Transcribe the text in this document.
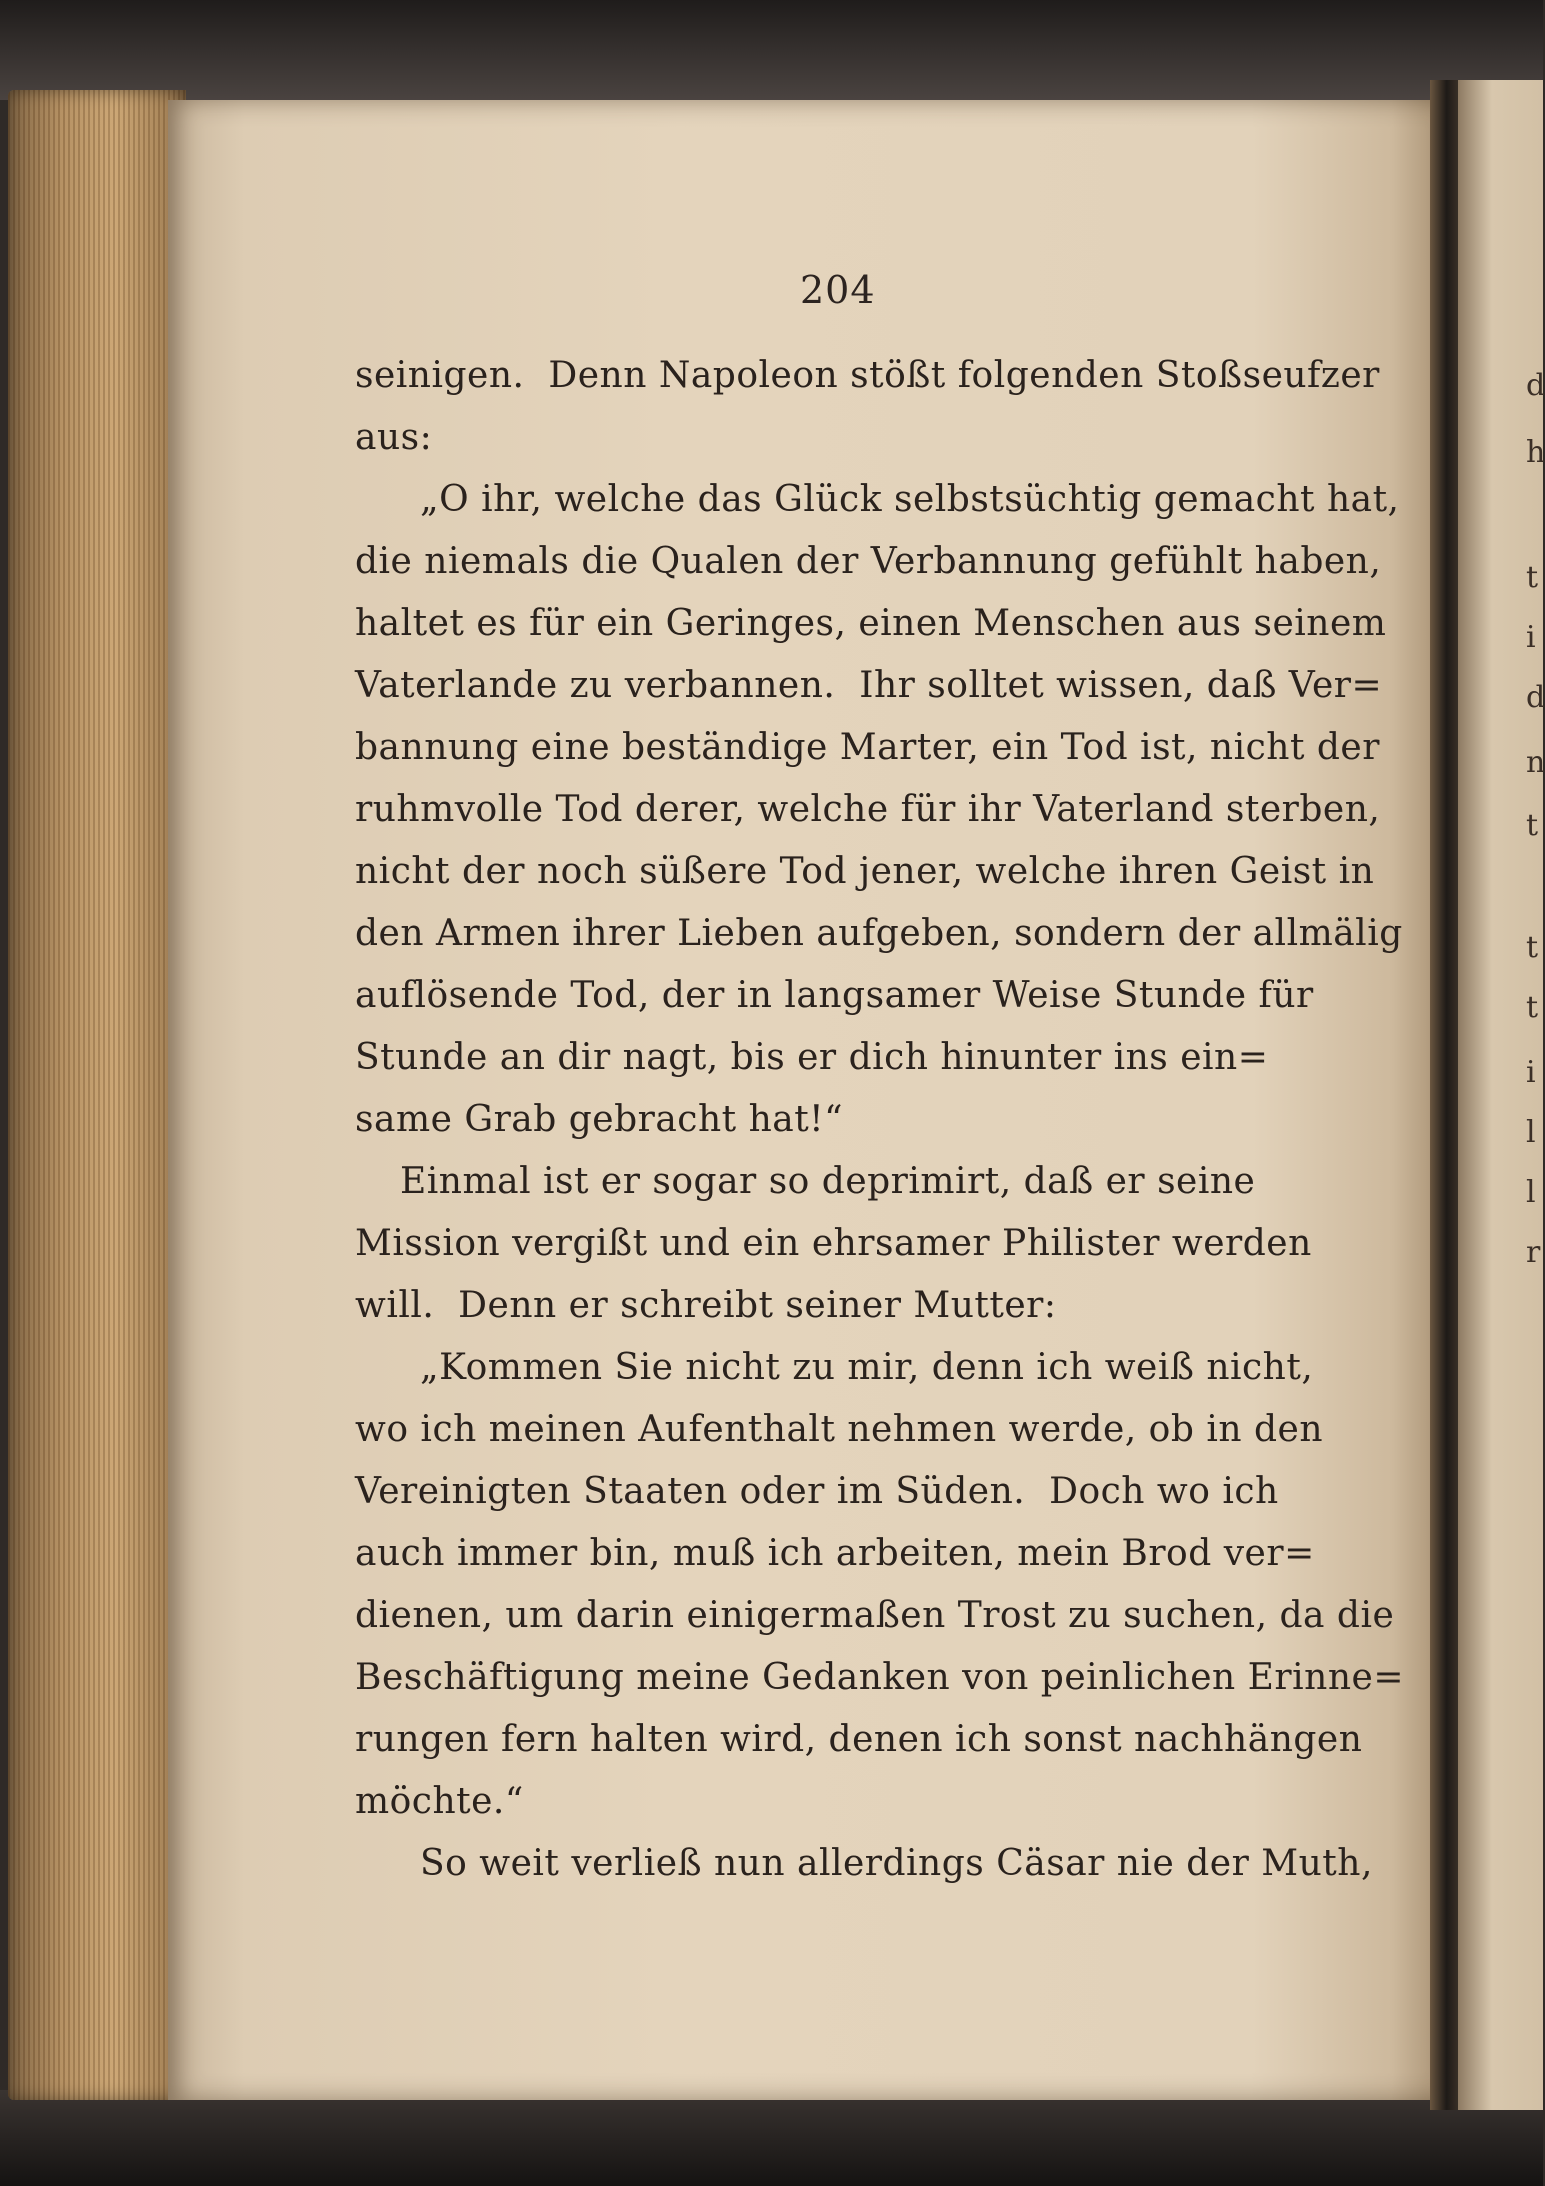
204
seinigen.  Denn Napoleon stößt folgenden Stoßseufzer
aus:
„O ihr, welche das Glück selbstsüchtig gemacht hat,
die niemals die Qualen der Verbannung gefühlt haben,
haltet es für ein Geringes, einen Menschen aus seinem
Vaterlande zu verbannen.  Ihr solltet wissen, daß Ver=
bannung eine beständige Marter, ein Tod ist, nicht der
ruhmvolle Tod derer, welche für ihr Vaterland sterben,
nicht der noch süßere Tod jener, welche ihren Geist in
den Armen ihrer Lieben aufgeben, sondern der allmälig
auflösende Tod, der in langsamer Weise Stunde für
Stunde an dir nagt, bis er dich hinunter ins ein=
same Grab gebracht hat!“
Einmal ist er sogar so deprimirt, daß er seine
Mission vergißt und ein ehrsamer Philister werden
will.  Denn er schreibt seiner Mutter:
„Kommen Sie nicht zu mir, denn ich weiß nicht,
wo ich meinen Aufenthalt nehmen werde, ob in den
Vereinigten Staaten oder im Süden.  Doch wo ich
auch immer bin, muß ich arbeiten, mein Brod ver=
dienen, um darin einigermaßen Trost zu suchen, da die
Beschäftigung meine Gedanken von peinlichen Erinne=
rungen fern halten wird, denen ich sonst nachhängen
möchte.“
So weit verließ nun allerdings Cäsar nie der Muth,
d
h
t
i
d
n
t
t
t
i
l
l
r
